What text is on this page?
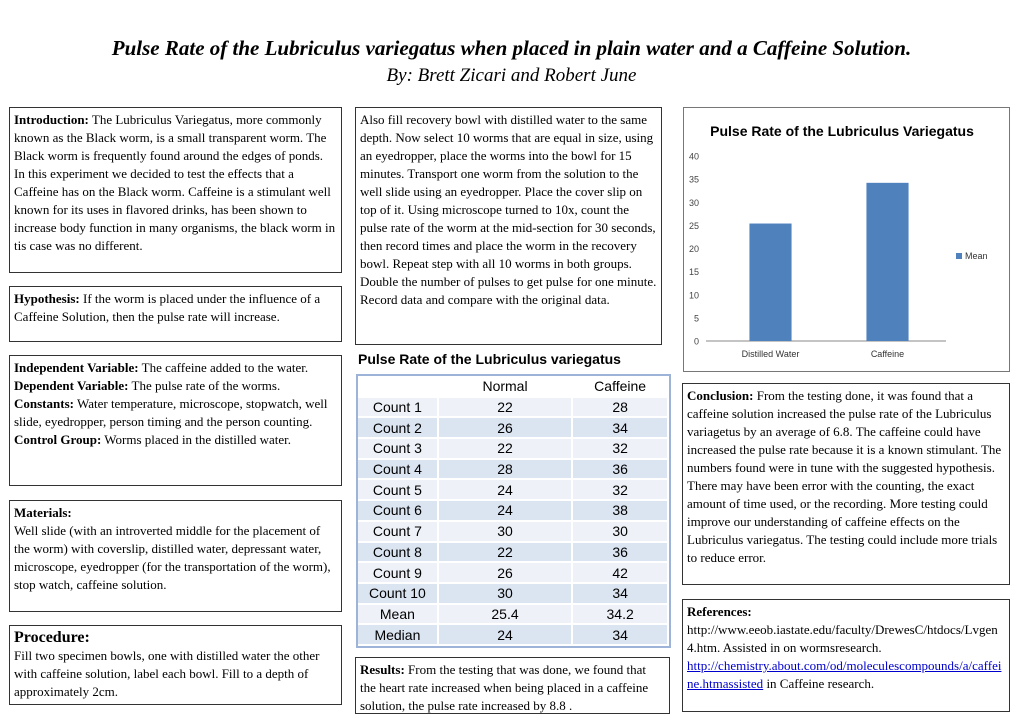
Pulse Rate of the Lubriculus variegatus when placed in plain water and a Caffeine Solution.
By: Brett Zicari and Robert June
Introduction: The Lubriculus Variegatus, more commonly known as the Black worm, is a small transparent worm. The Black worm is frequently found around the edges of ponds. In this experiment we decided to test the effects that a Caffeine has on the Black worm. Caffeine is a stimulant well known for its uses in flavored drinks, has been shown to increase body function in many organisms, the black worm in tis case was no different.
Hypothesis: If the worm is placed under the influence of a Caffeine Solution, then the pulse rate will increase.
Independent Variable: The caffeine added to the water.
Dependent Variable: The pulse rate of the worms.
Constants: Water temperature, microscope, stopwatch, well slide, eyedropper, person timing and the person counting.
Control Group: Worms placed in the distilled water.
Materials:
Well slide (with an introverted middle for the placement of the worm) with coverslip, distilled water, depressant water, microscope, eyedropper (for the transportation of the worm), stop watch, caffeine solution.
Procedure:
Fill two specimen bowls, one with distilled water the other with caffeine solution, label each bowl. Fill to a depth of approximately 2cm.
Also fill recovery bowl with distilled water to the same depth. Now select 10 worms that are equal in size, using an eyedropper, place the worms into the bowl for 15 minutes. Transport one worm from the solution to the well slide using an eyedropper. Place the cover slip on top of it. Using microscope turned to 10x, count the pulse rate of the worm at the mid-section for 30 seconds, then record times and place the worm in the recovery bowl. Repeat step with all 10 worms in both groups. Double the number of pulses to get pulse for one minute. Record data and compare with the original data.
Pulse Rate of the Lubriculus variegatus
	Normal	Caffeine
Count 1	22	28
Count 2	26	34
Count 3	22	32
Count 4	28	36
Count 5	24	32
Count 6	24	38
Count 7	30	30
Count 8	22	36
Count 9	26	42
Count 10	30	34
Mean	25.4	34.2
Median	24	34
Results: From the testing that was done, we found that the heart rate increased when being placed in a caffeine solution, the pulse rate increased by 8.8 .
Pulse Rate of the Lubriculus Variegatus
0
5
10
15
20
25
30
35
40
Distilled Water	Caffeine
Mean
Conclusion: From the testing done, it was found that a caffeine solution increased the pulse rate of the Lubriculus variagetus by an average of 6.8. The caffeine could have increased the pulse rate because it is a known stimulant. The numbers found were in tune with the suggested hypothesis. There may have been error with the counting, the exact amount of time used, or the recording. More testing could improve our understanding of caffeine effects on the Lubriculus variegatus. The testing could include more trials to reduce error.
References:
http://www.eeob.iastate.edu/faculty/DrewesC/htdocs/Lvgen4.htm. Assisted in on wormsresearch.
http://chemistry.about.com/od/moleculescompounds/a/caffeine.htmassisted in Caffeine research.
